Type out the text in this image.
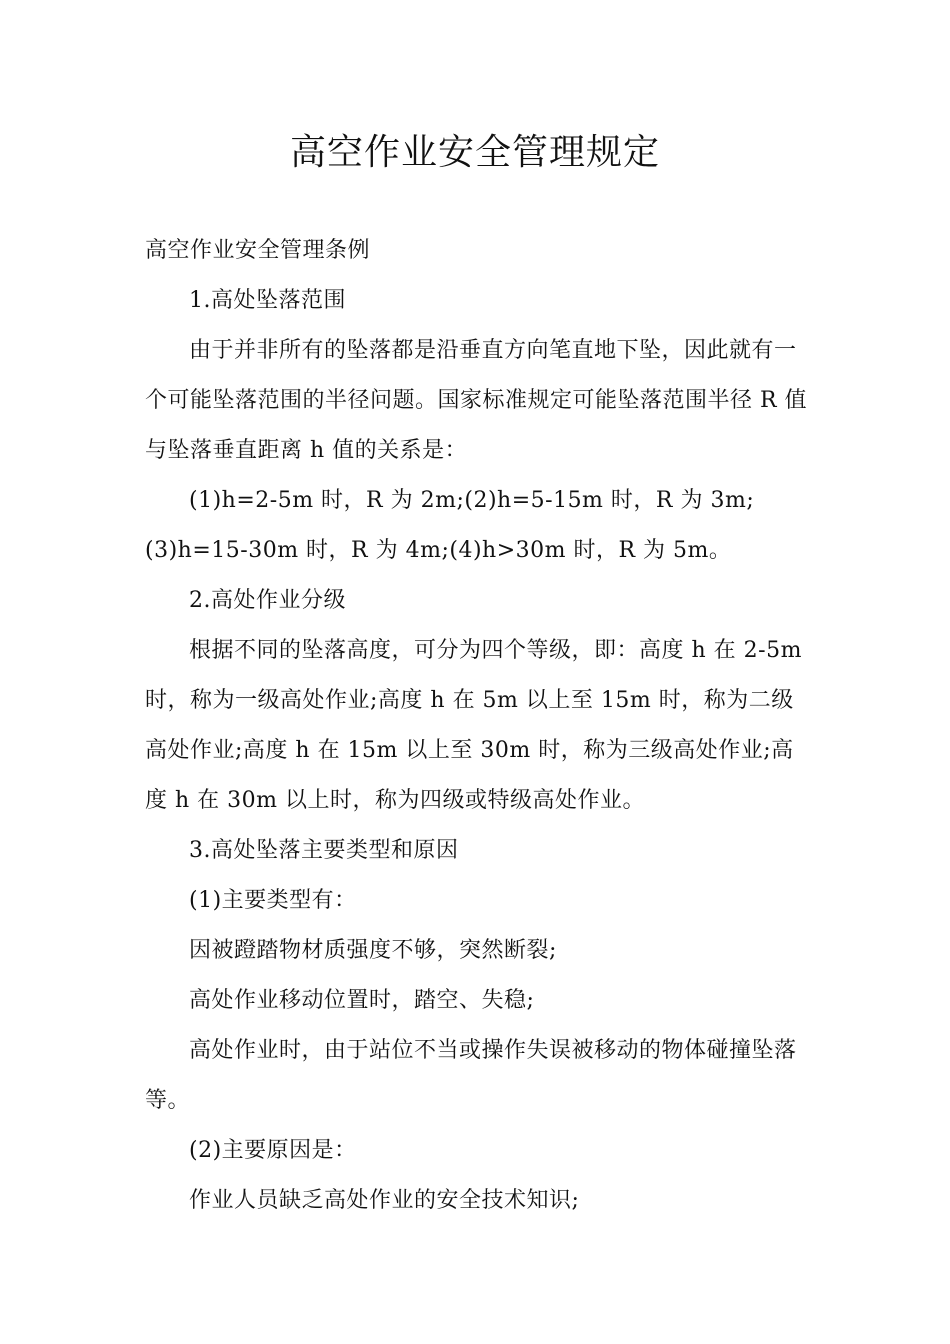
高空作业安全管理规定

高空作业安全管理条例

1.高处坠落范围

由于并非所有的坠落都是沿垂直方向笔直地下坠，因此就有一个可能坠落范围的半径问题。国家标准规定可能坠落范围半径 R 值与坠落垂直距离 h 值的关系是：

(1)h=2-5m 时，R 为 2m;(2)h=5-15m 时，R 为 3m;(3)h=15-30m 时，R 为 4m;(4)h>30m 时，R 为 5m。

2.高处作业分级

根据不同的坠落高度，可分为四个等级，即：高度 h 在 2-5m 时，称为一级高处作业;高度 h 在 5m 以上至 15m 时，称为二级高处作业;高度 h 在 15m 以上至 30m 时，称为三级高处作业;高度 h 在 30m 以上时，称为四级或特级高处作业。

3.高处坠落主要类型和原因

(1)主要类型有：

因被蹬踏物材质强度不够，突然断裂;

高处作业移动位置时，踏空、失稳;

高处作业时，由于站位不当或操作失误被移动的物体碰撞坠落等。

(2)主要原因是：

作业人员缺乏高处作业的安全技术知识;
